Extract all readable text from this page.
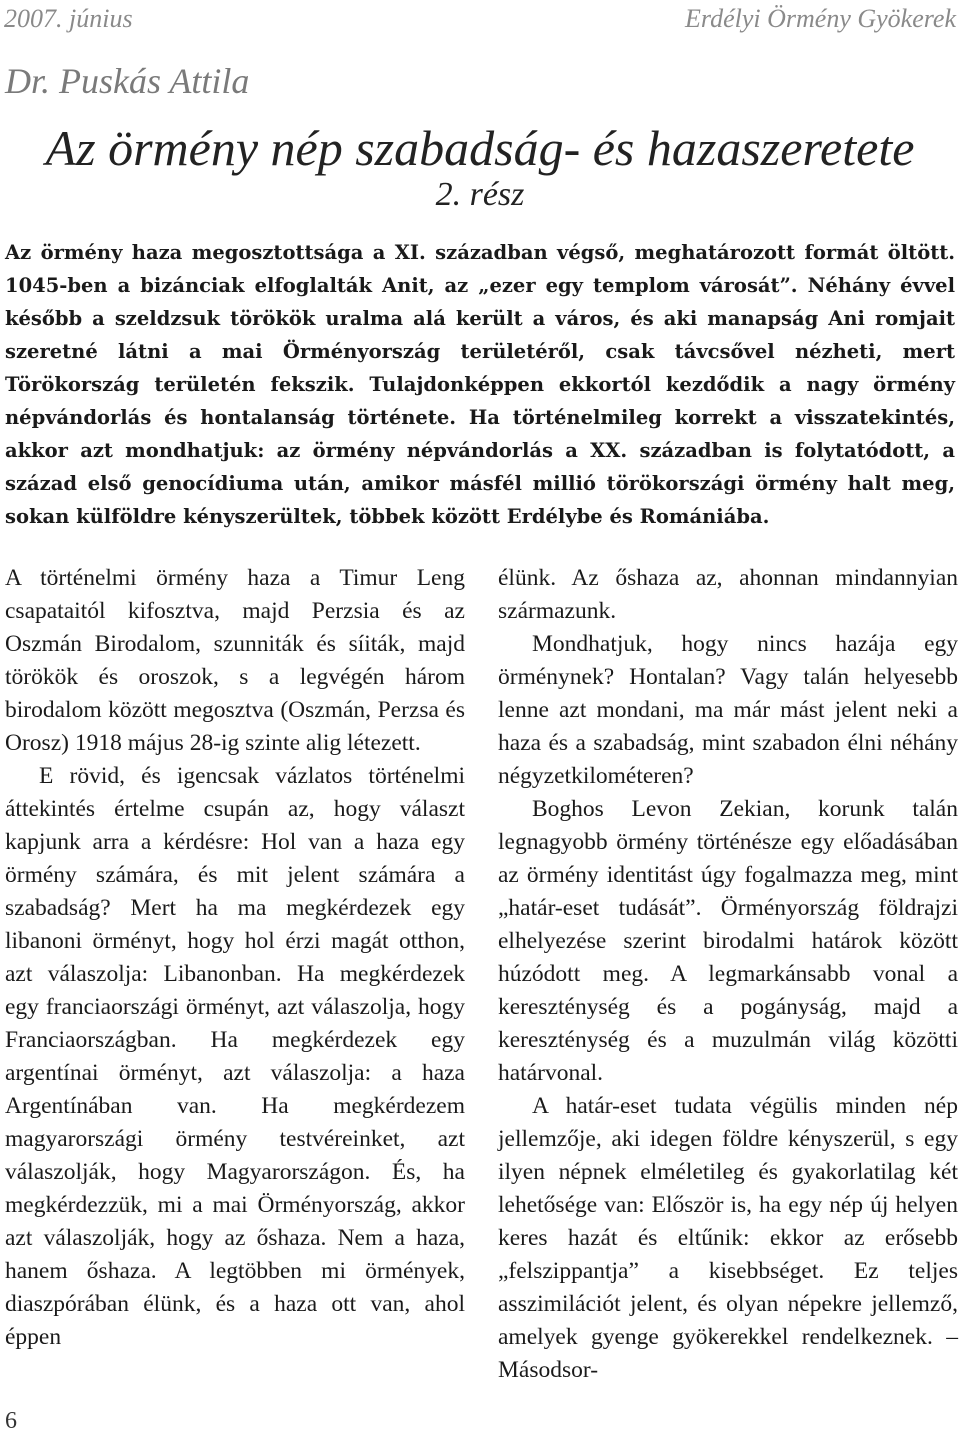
2007. június	Erdélyi Örmény Gyökerek
Dr. Puskás Attila
Az örmény nép szabadság- és hazaszeretete
2. rész

Az örmény haza megosztottsága a XI. században végső, meghatározott formát öltött. 1045-ben a bizánciak elfoglalták Anit, az „ezer egy templom városát”. Néhány évvel később a szeldzsuk törökök uralma alá került a város, és aki manapság Ani romjait szeretné látni a mai Örményország területéről, csak távcsővel nézheti, mert Törökország területén fekszik. Tulajdonképpen ekkortól kezdődik a nagy örmény népvándorlás és hontalanság története. Ha történelmileg korrekt a visszatekintés, akkor azt mondhatjuk: az örmény népvándorlás a XX. században is folytatódott, a század első genocídiuma után, amikor másfél millió törökországi örmény halt meg, sokan külföldre kényszerültek, többek között Erdélybe és Romániába.

A történelmi örmény haza a Timur Leng csapataitól kifosztva, majd Perzsia és az Oszmán Birodalom, szunniták és síiták, majd törökök és oroszok, s a legvégén három birodalom között megosztva (Oszmán, Perzsa és Orosz) 1918 május 28-ig szinte alig létezett.

E rövid, és igencsak vázlatos történelmi áttekintés értelme csupán az, hogy választ kapjunk arra a kérdésre: Hol van a haza egy örmény számára, és mit jelent számára a szabadság? Mert ha ma megkérdezek egy libanoni örményt, hogy hol érzi magát otthon, azt válaszolja: Libanonban. Ha megkérdezek egy franciaországi örményt, azt válaszolja, hogy Franciaországban. Ha megkérdezek egy argentínai örményt, azt válaszolja: a haza Argentínában van. Ha megkérdezem magyarországi örmény testvéreinket, azt válaszolják, hogy Magyarországon. És, ha megkérdezzük, mi a mai Örményország, akkor azt válaszolják, hogy az őshaza. Nem a haza, hanem őshaza. A legtöbben mi örmények, diaszpórában élünk, és a haza ott van, ahol éppen

élünk. Az őshaza az, ahonnan mindannyian származunk.

Mondhatjuk, hogy nincs hazája egy örménynek? Hontalan? Vagy talán helyesebb lenne azt mondani, ma már mást jelent neki a haza és a szabadság, mint szabadon élni néhány négyzetkilométeren?

Boghos Levon Zekian, korunk talán legnagyobb örmény történésze egy előadásában az örmény identitást úgy fogalmazza meg, mint „határ-eset tudását”. Örményország földrajzi elhelyezése szerint birodalmi határok között húzódott meg. A legmarkánsabb vonal a kereszténység és a pogányság, majd a kereszténység és a muzulmán világ közötti határvonal.

A határ-eset tudata végülis minden nép jellemzője, aki idegen földre kényszerül, s egy ilyen népnek elméletileg és gyakorlatilag két lehetősége van: Először is, ha egy nép új helyen keres hazát és eltűnik: ekkor az erősebb „felszippantja” a kisebbséget. Ez teljes asszimilációt jelent, és olyan népekre jellemző, amelyek gyenge gyökerekkel rendelkeznek. – Másodsor-

6
